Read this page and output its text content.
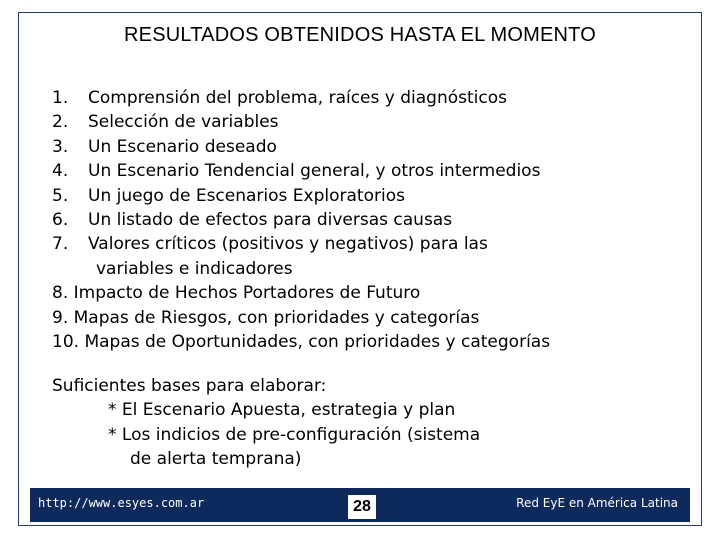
RESULTADOS OBTENIDOS HASTA EL MOMENTO
1.	Comprensión del problema, raíces y diagnósticos
2.	Selección de variables
3.	Un Escenario deseado
4.	Un Escenario Tendencial general, y otros intermedios
5.	Un juego de Escenarios Exploratorios
6.	Un listado de efectos para diversas causas
7.	Valores críticos (positivos y negativos) para las
variables e indicadores
8. Impacto de Hechos Portadores de Futuro
9. Mapas de Riesgos, con prioridades y categorías
10. Mapas de Oportunidades, con prioridades y categorías
Suficientes bases para elaborar:
* El Escenario Apuesta, estrategia y plan
* Los indicios de pre-configuración (sistema
de alerta temprana)
http://www.esyes.com.ar	28	Red EyE en América Latina
